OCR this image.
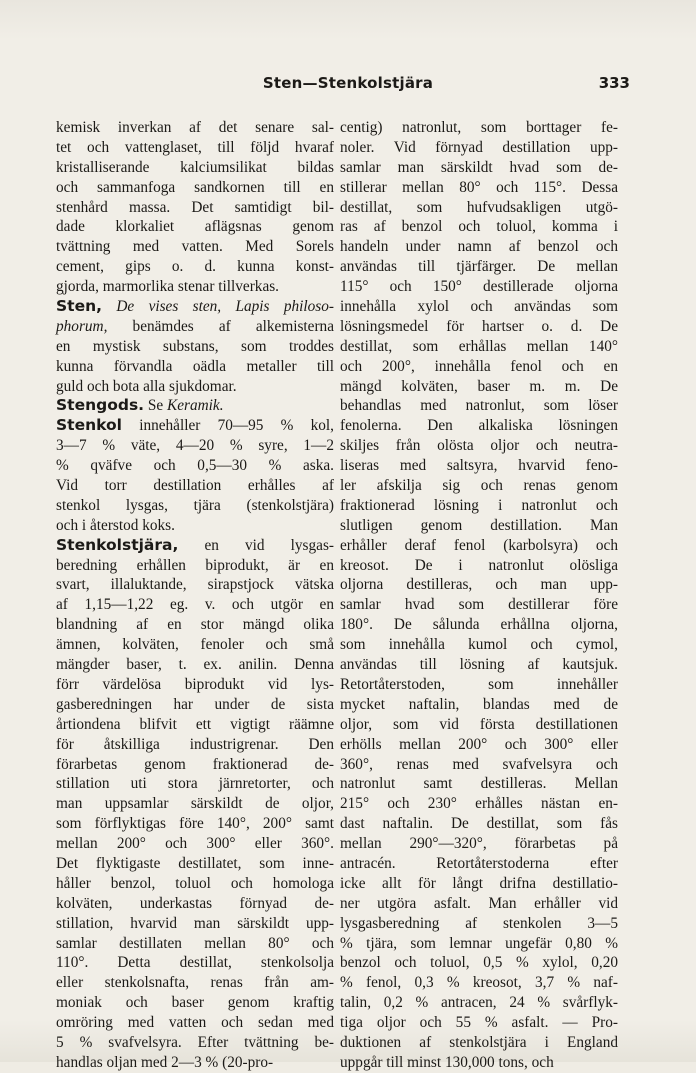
Sten—Stenkolstjära	333
kemisk inverkan af det senare sal-
tet och vattenglaset, till följd hvaraf
kristalliserande kalciumsilikat bildas
och sammanfoga sandkornen till en
stenhård massa. Det samtidigt bil-
dade klorkaliet aflägsnas genom
tvättning med vatten. Med Sorels
cement, gips o. d. kunna konst-
gjorda, marmorlika stenar tillverkas.
Sten, De vises sten, Lapis philoso-
phorum, benämdes af alkemisterna
en mystisk substans, som troddes
kunna förvandla oädla metaller till
guld och bota alla sjukdomar.
Stengods. Se Keramik.
Stenkol innehåller 70—95 % kol,
3—7 % väte, 4—20 % syre, 1—2
% qväfve och 0,5—30 % aska.
Vid torr destillation erhålles af
stenkol lysgas, tjära (stenkolstjära)
och i återstod koks.
Stenkolstjära, en vid lysgas-
beredning erhållen biprodukt, är en
svart, illaluktande, sirapstjock vätska
af 1,15—1,22 eg. v. och utgör en
blandning af en stor mängd olika
ämnen, kolväten, fenoler och små
mängder baser, t. ex. anilin. Denna
förr värdelösa biprodukt vid lys-
gasberedningen har under de sista
årtiondena blifvit ett vigtigt räämne
för åtskilliga industrigrenar. Den
förarbetas genom fraktionerad de-
stillation uti stora järnretorter, och
man uppsamlar särskildt de oljor,
som förflyktigas före 140°, 200° samt
mellan 200° och 300° eller 360°.
Det flyktigaste destillatet, som inne-
håller benzol, toluol och homologa
kolväten, underkastas förnyad de-
stillation, hvarvid man särskildt upp-
samlar destillaten mellan 80° och
110°. Detta destillat, stenkolsolja
eller stenkolsnafta, renas från am-
moniak och baser genom kraftig
omröring med vatten och sedan med
5 % svafvelsyra. Efter tvättning be-
handlas oljan med 2—3 % (20-pro-
centig) natronlut, som borttager fe-
noler. Vid förnyad destillation upp-
samlar man särskildt hvad som de-
stillerar mellan 80° och 115°. Dessa
destillat, som hufvudsakligen utgö-
ras af benzol och toluol, komma i
handeln under namn af benzol och
användas till tjärfärger. De mellan
115° och 150° destillerade oljorna
innehålla xylol och användas som
lösningsmedel för hartser o. d. De
destillat, som erhållas mellan 140°
och 200°, innehålla fenol och en
mängd kolväten, baser m. m. De
behandlas med natronlut, som löser
fenolerna. Den alkaliska lösningen
skiljes från olösta oljor och neutra-
liseras med saltsyra, hvarvid feno-
ler afskilja sig och renas genom
fraktionerad lösning i natronlut och
slutligen genom destillation. Man
erhåller deraf fenol (karbolsyra) och
kreosot. De i natronlut olösliga
oljorna destilleras, och man upp-
samlar hvad som destillerar före
180°. De sålunda erhållna oljorna,
som innehålla kumol och cymol,
användas till lösning af kautsjuk.
Retortåterstoden, som innehåller
mycket naftalin, blandas med de
oljor, som vid första destillationen
erhölls mellan 200° och 300° eller
360°, renas med svafvelsyra och
natronlut samt destilleras. Mellan
215° och 230° erhålles nästan en-
dast naftalin. De destillat, som fås
mellan 290°—320°, förarbetas på
antracén. Retortåterstoderna efter
icke allt för långt drifna destillatio-
ner utgöra asfalt. Man erhåller vid
lysgasberedning af stenkolen 3—5
% tjära, som lemnar ungefär 0,80 %
benzol och toluol, 0,5 % xylol, 0,20
% fenol, 0,3 % kreosot, 3,7 % naf-
talin, 0,2 % antracen, 24 % svårflyk-
tiga oljor och 55 % asfalt. — Pro-
duktionen af stenkolstjära i England
uppgår till minst 130,000 tons, och
